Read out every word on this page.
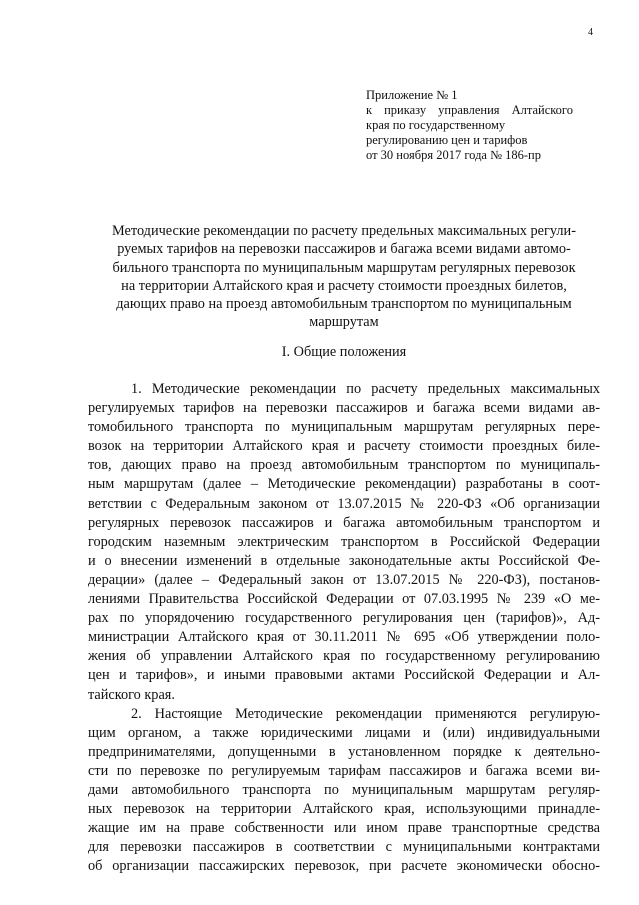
4
Приложение № 1
к приказу управления Алтайского
края по государственному
регулированию цен и тарифов
от 30 ноября 2017 года № 186-пр
Методические рекомендации по расчету предельных максимальных регули-
руемых тарифов на перевозки пассажиров и багажа всеми видами автомо-
бильного транспорта по муниципальным маршрутам регулярных перевозок
на территории Алтайского края и расчету стоимости проездных билетов,
дающих право на проезд автомобильным транспортом по муниципальным
маршрутам
I. Общие положения
1. Методические рекомендации по расчету предельных максимальных
регулируемых тарифов на перевозки пассажиров и багажа всеми видами ав-
томобильного транспорта по муниципальным маршрутам регулярных пере-
возок на территории Алтайского края и расчету стоимости проездных биле-
тов, дающих право на проезд автомобильным транспортом по муниципаль-
ным маршрутам (далее – Методические рекомендации) разработаны в соот-
ветствии с Федеральным законом от 13.07.2015 № 220-ФЗ «Об организации
регулярных перевозок пассажиров и багажа автомобильным транспортом и
городским наземным электрическим транспортом в Российской Федерации
и о внесении изменений в отдельные законодательные акты Российской Фе-
дерации» (далее – Федеральный закон от 13.07.2015 № 220-ФЗ), постанов-
лениями Правительства Российской Федерации от 07.03.1995 № 239 «О ме-
рах по упорядочению государственного регулирования цен (тарифов)», Ад-
министрации Алтайского края от 30.11.2011 № 695 «Об утверждении поло-
жения об управлении Алтайского края по государственному регулированию
цен и тарифов», и иными правовыми актами Российской Федерации и Ал-
тайского края.
2. Настоящие Методические рекомендации применяются регулирую-
щим органом, а также юридическими лицами и (или) индивидуальными
предпринимателями, допущенными в установленном порядке к деятельно-
сти по перевозке по регулируемым тарифам пассажиров и багажа всеми ви-
дами автомобильного транспорта по муниципальным маршрутам регуляр-
ных перевозок на территории Алтайского края, использующими принадле-
жащие им на праве собственности или ином праве транспортные средства
для перевозки пассажиров в соответствии с муниципальными контрактами
об организации пассажирских перевозок, при расчете экономически обосно-
